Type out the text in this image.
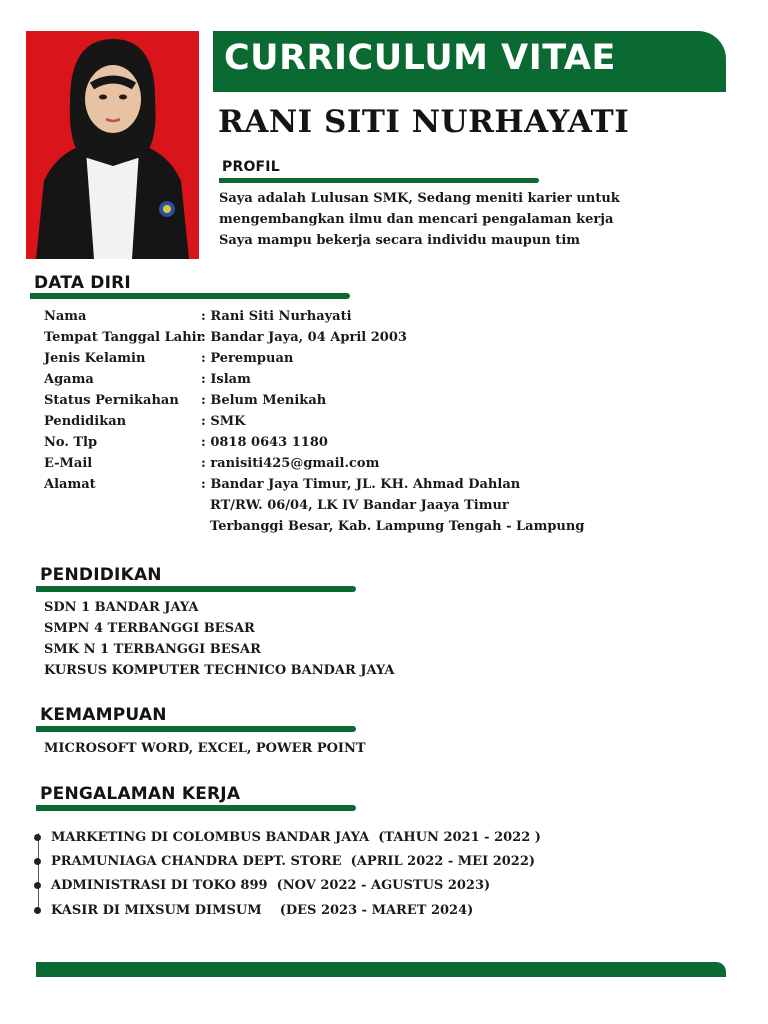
CURRICULUM VITAE
RANI SITI NURHAYATI
PROFIL
Saya adalah Lulusan SMK, Sedang meniti karier untuk
mengembangkan ilmu dan mencari pengalaman kerja
Saya mampu bekerja secara individu maupun tim
DATA DIRI
Nama	: Rani Siti Nurhayati
Tempat Tanggal Lahir
: Bandar Jaya, 04 April 2003
Jenis Kelamin	: Perempuan
Agama	: Islam
Status Pernikahan	: Belum Menikah
Pendidikan	: SMK
No. Tlp	: 0818 0643 1180
E-Mail	: ranisiti425@gmail.com
Alamat	: Bandar Jaya Timur, JL. KH. Ahmad Dahlan
RT/RW. 06/04, LK IV Bandar Jaaya Timur
Terbanggi Besar, Kab. Lampung Tengah - Lampung
PENDIDIKAN
SDN 1 BANDAR JAYA
SMPN 4 TERBANGGI BESAR
SMK N 1 TERBANGGI BESAR
KURSUS KOMPUTER TECHNICO BANDAR JAYA
KEMAMPUAN
MICROSOFT WORD, EXCEL, POWER POINT
PENGALAMAN KERJA
MARKETING DI COLOMBUS BANDAR JAYA  (TAHUN 2021 - 2022 )
PRAMUNIAGA CHANDRA DEPT. STORE  (APRIL 2022 - MEI 2022)
ADMINISTRASI DI TOKO 899  (NOV 2022 - AGUSTUS 2023)
KASIR DI MIXSUM DIMSUM    (DES 2023 - MARET 2024)
